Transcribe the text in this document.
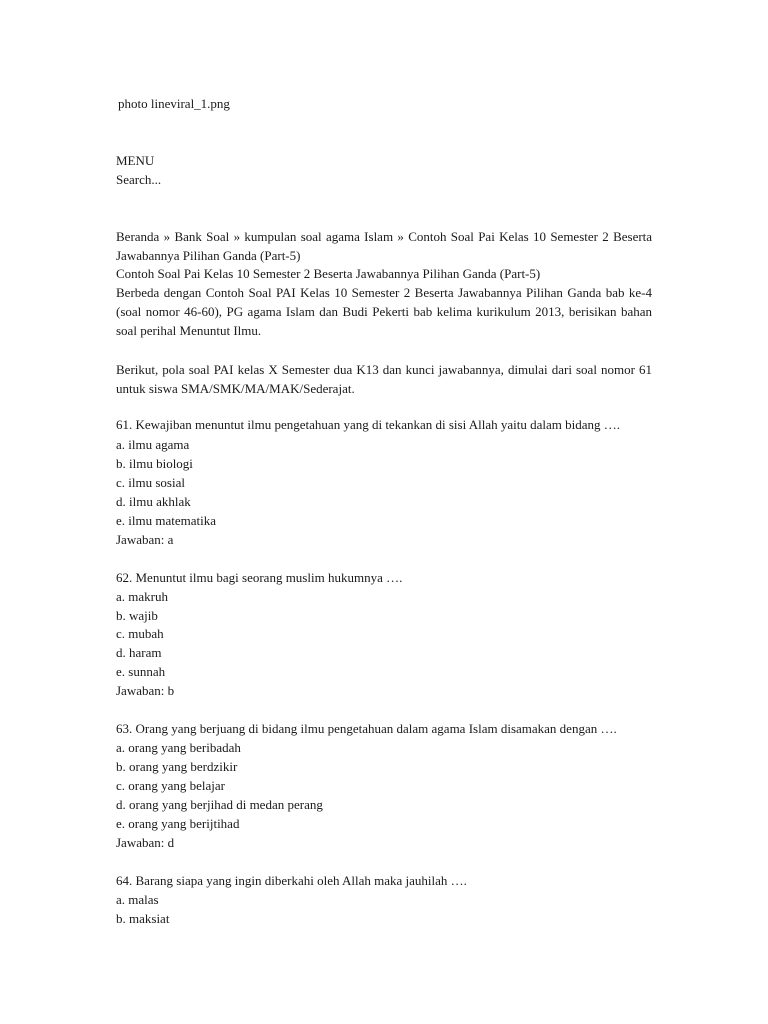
photo lineviral_1.png
MENU
Search...
Beranda » Bank Soal » kumpulan soal agama Islam » Contoh Soal Pai Kelas 10 Semester 2 Beserta Jawabannya Pilihan Ganda (Part-5)
Contoh Soal Pai Kelas 10 Semester 2 Beserta Jawabannya Pilihan Ganda (Part-5)
Berbeda dengan Contoh Soal PAI Kelas 10 Semester 2 Beserta Jawabannya Pilihan Ganda bab ke-4 (soal nomor 46-60), PG agama Islam dan Budi Pekerti bab kelima kurikulum 2013, berisikan bahan soal perihal Menuntut Ilmu.
Berikut, pola soal PAI kelas X Semester dua K13 dan kunci jawabannya, dimulai dari soal nomor 61 untuk siswa SMA/SMK/MA/MAK/Sederajat.
61. Kewajiban menuntut ilmu pengetahuan yang di tekankan di sisi Allah yaitu dalam bidang ….
a. ilmu agama
b. ilmu biologi
c. ilmu sosial
d. ilmu akhlak
e. ilmu matematika
Jawaban: a
62. Menuntut ilmu bagi seorang muslim hukumnya ….
a. makruh
b. wajib
c. mubah
d. haram
e. sunnah
Jawaban: b
63. Orang yang berjuang di bidang ilmu pengetahuan dalam agama Islam disamakan dengan ….
a. orang yang beribadah
b. orang yang berdzikir
c. orang yang belajar
d. orang yang berjihad di medan perang
e. orang yang berijtihad
Jawaban: d
64. Barang siapa yang ingin diberkahi oleh Allah maka jauhilah ….
a. malas
b. maksiat
